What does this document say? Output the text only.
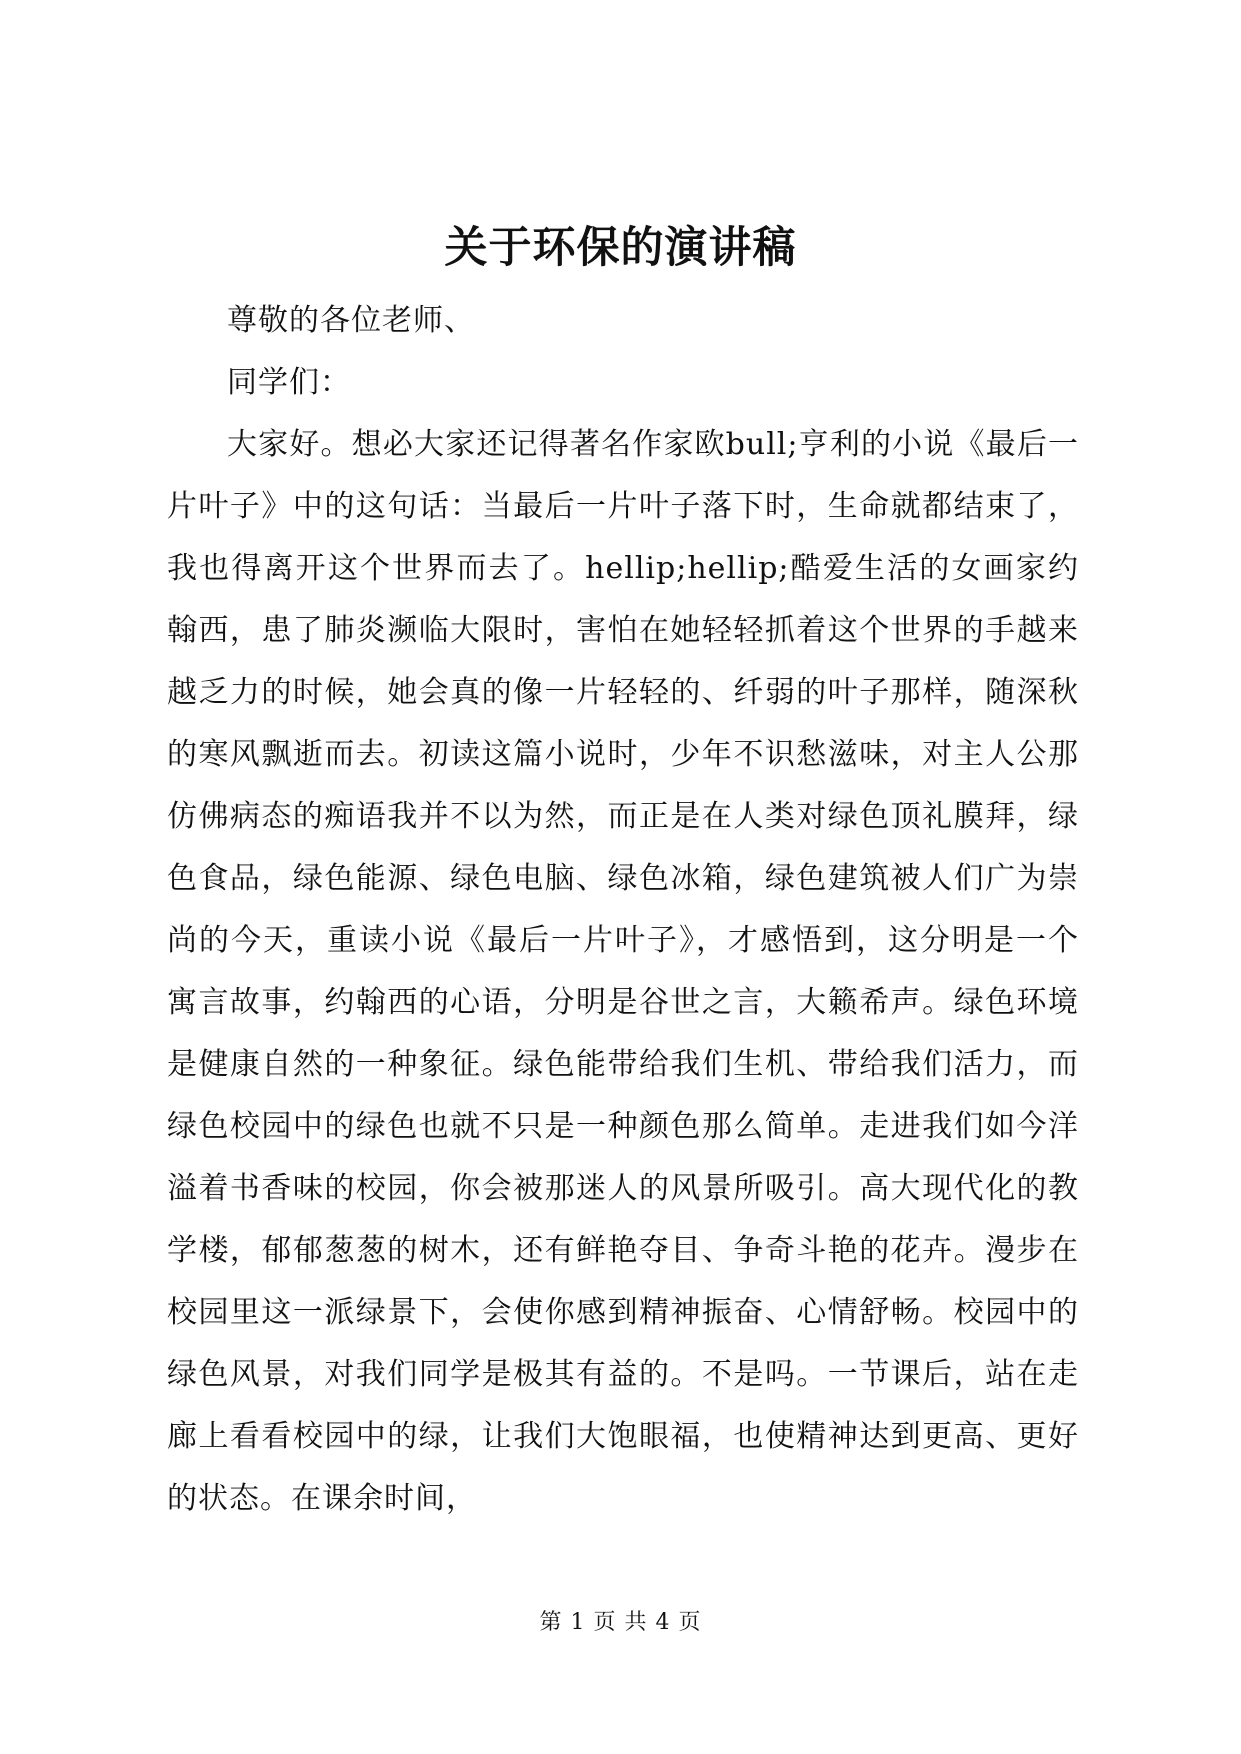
关于环保的演讲稿

尊敬的各位老师、

同学们：

大家好。想必大家还记得著名作家欧bull;亨利的小说《最后一片叶子》中的这句话：当最后一片叶子落下时，生命就都结束了，我也得离开这个世界而去了。hellip;hellip;酷爱生活的女画家约翰西，患了肺炎濒临大限时，害怕在她轻轻抓着这个世界的手越来越乏力的时候，她会真的像一片轻轻的、纤弱的叶子那样，随深秋的寒风飘逝而去。初读这篇小说时，少年不识愁滋味，对主人公那仿佛病态的痴语我并不以为然，而正是在人类对绿色顶礼膜拜，绿色食品，绿色能源、绿色电脑、绿色冰箱，绿色建筑被人们广为崇尚的今天，重读小说《最后一片叶子》，才感悟到，这分明是一个寓言故事，约翰西的心语，分明是谷世之言，大籁希声。绿色环境是健康自然的一种象征。绿色能带给我们生机、带给我们活力，而绿色校园中的绿色也就不只是一种颜色那么简单。走进我们如今洋溢着书香味的校园，你会被那迷人的风景所吸引。高大现代化的教学楼，郁郁葱葱的树木，还有鲜艳夺目、争奇斗艳的花卉。漫步在校园里这一派绿景下，会使你感到精神振奋、心情舒畅。校园中的绿色风景，对我们同学是极其有益的。不是吗。一节课后，站在走廊上看看校园中的绿，让我们大饱眼福，也使精神达到更高、更好的状态。在课余时间，

第 1 页 共 4 页
